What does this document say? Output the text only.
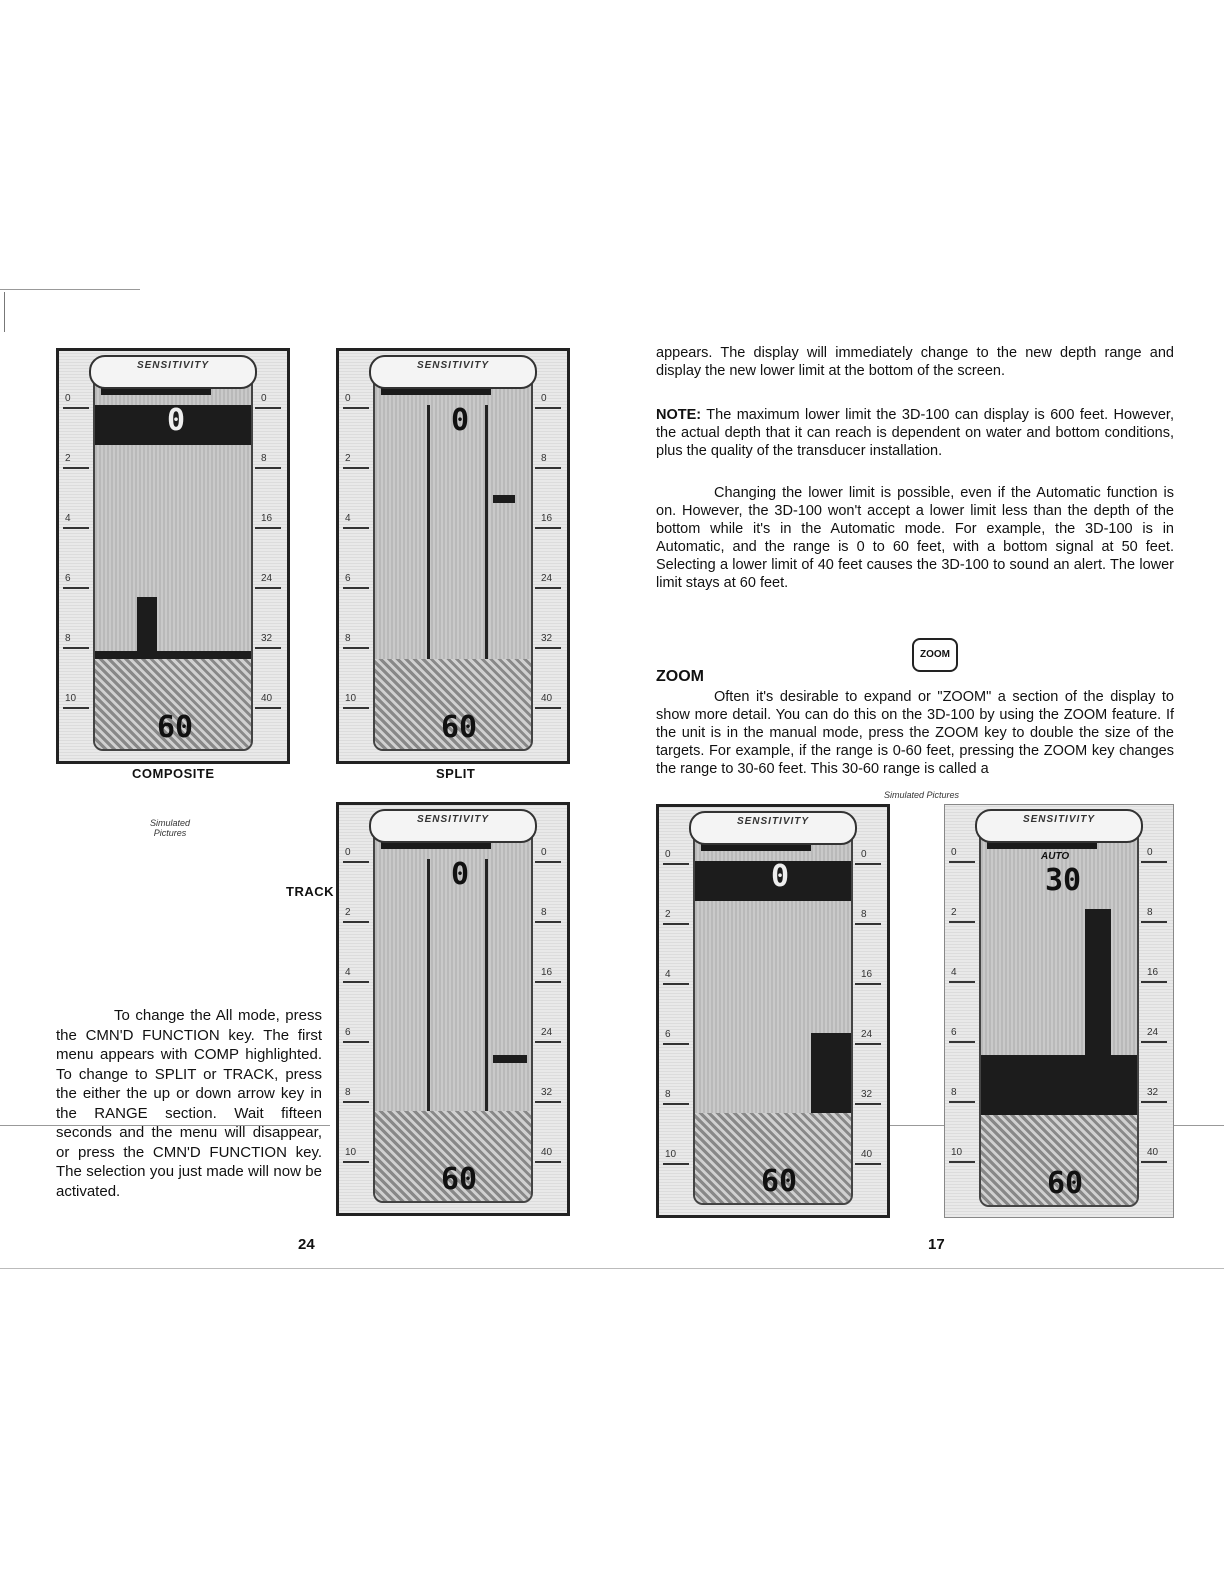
0
60
SENSITIVITY
0
2
4
6
8
10
0
8
16
24
32
40
COMPOSITE
0
60
SENSITIVITY
0
2
4
6
8
10
0
8
16
24
32
40
SPLIT
Simulated Pictures
TRACK	0
60
SENSITIVITY
0
2
4
6
8
10
0
8
16
24
32
40

To change the All mode, press the CMN'D FUNCTION key. The first menu appears with COMP highlighted. To change to SPLIT or TRACK, press the either the up or down arrow key in the RANGE section. Wait fifteen seconds and the menu will disappear, or press the CMN'D FUNCTION key. The selection you just made will now be activated.

24

appears. The display will immediately change to the new depth range and display the new lower limit at the bottom of the screen.

NOTE: The maximum lower limit the 3D-100 can display is 600 feet. However, the actual depth that it can reach is dependent on water and bottom conditions, plus the quality of the transducer installation.

Changing the lower limit is possible, even if the Automatic function is on. However, the 3D-100 won't accept a lower limit less than the depth of the bottom while it's in the Automatic mode. For example, the 3D-100 is in Automatic, and the range is 0 to 60 feet, with a bottom signal at 50 feet. Selecting a lower limit of 40 feet causes the 3D-100 to sound an alert. The lower limit stays at 60 feet.

ZOOM
ZOOM

Often it's desirable to expand or "ZOOM" a section of the display to show more detail. You can do this on the 3D-100 by using the ZOOM feature. If the unit is in the manual mode, press the ZOOM key to double the size of the targets. For example, if the range is 0-60 feet, pressing the ZOOM key changes the range to 30-60 feet. This 30-60 range is called a

Simulated Pictures
0
60
SENSITIVITY
0
2
4
6
8
10
0
8
16
24
32
40
AUTO
30
60
SENSITIVITY
0
2
4
6
8
10
0
8
16
24
32
40
17
